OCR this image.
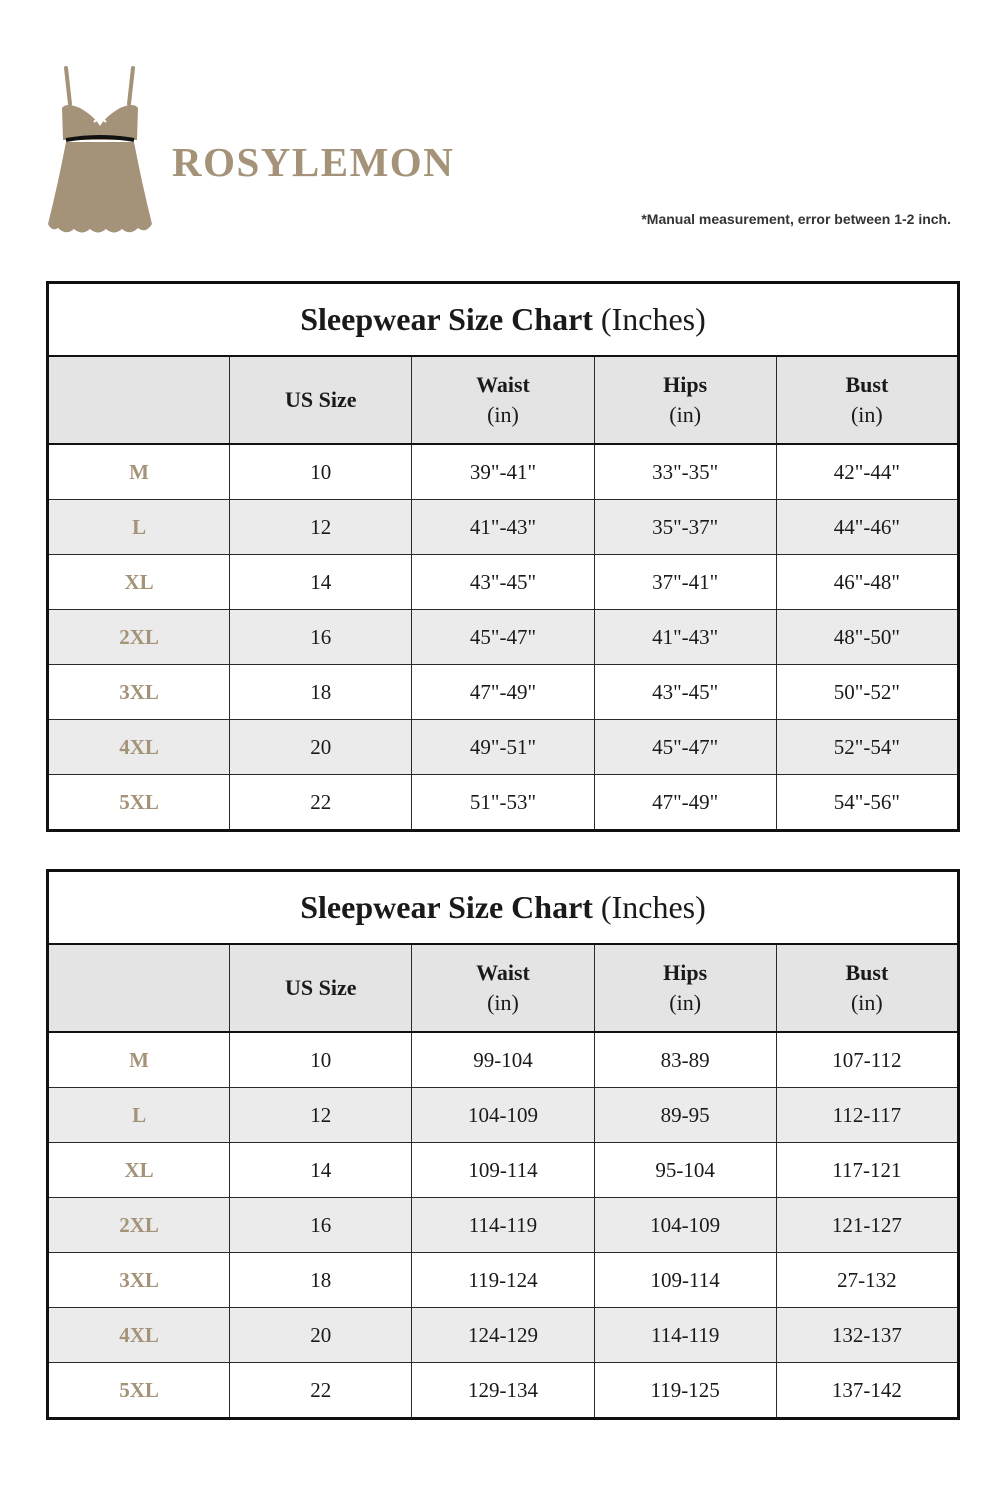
ROSYLEMON
*Manual measurement, error between 1-2 inch.
Sleepwear Size Chart (Inches)				
	US Size	Waist
(in)	Hips
(in)	Bust
(in)
M	10	39"-41"	33"-35"	42"-44"
L	12	41"-43"	35"-37"	44"-46"
XL	14	43"-45"	37"-41"	46"-48"
2XL	16	45"-47"	41"-43"	48"-50"
3XL	18	47"-49"	43"-45"	50"-52"
4XL	20	49"-51"	45"-47"	52"-54"
5XL	22	51"-53"	47"-49"	54"-56"
Sleepwear Size Chart (Inches)				
	US Size	Waist
(in)	Hips
(in)	Bust
(in)
M	10	99-104	83-89	107-112
L	12	104-109	89-95	112-117
XL	14	109-114	95-104	117-121
2XL	16	114-119	104-109	121-127
3XL	18	119-124	109-114	27-132
4XL	20	124-129	114-119	132-137
5XL	22	129-134	119-125	137-142
